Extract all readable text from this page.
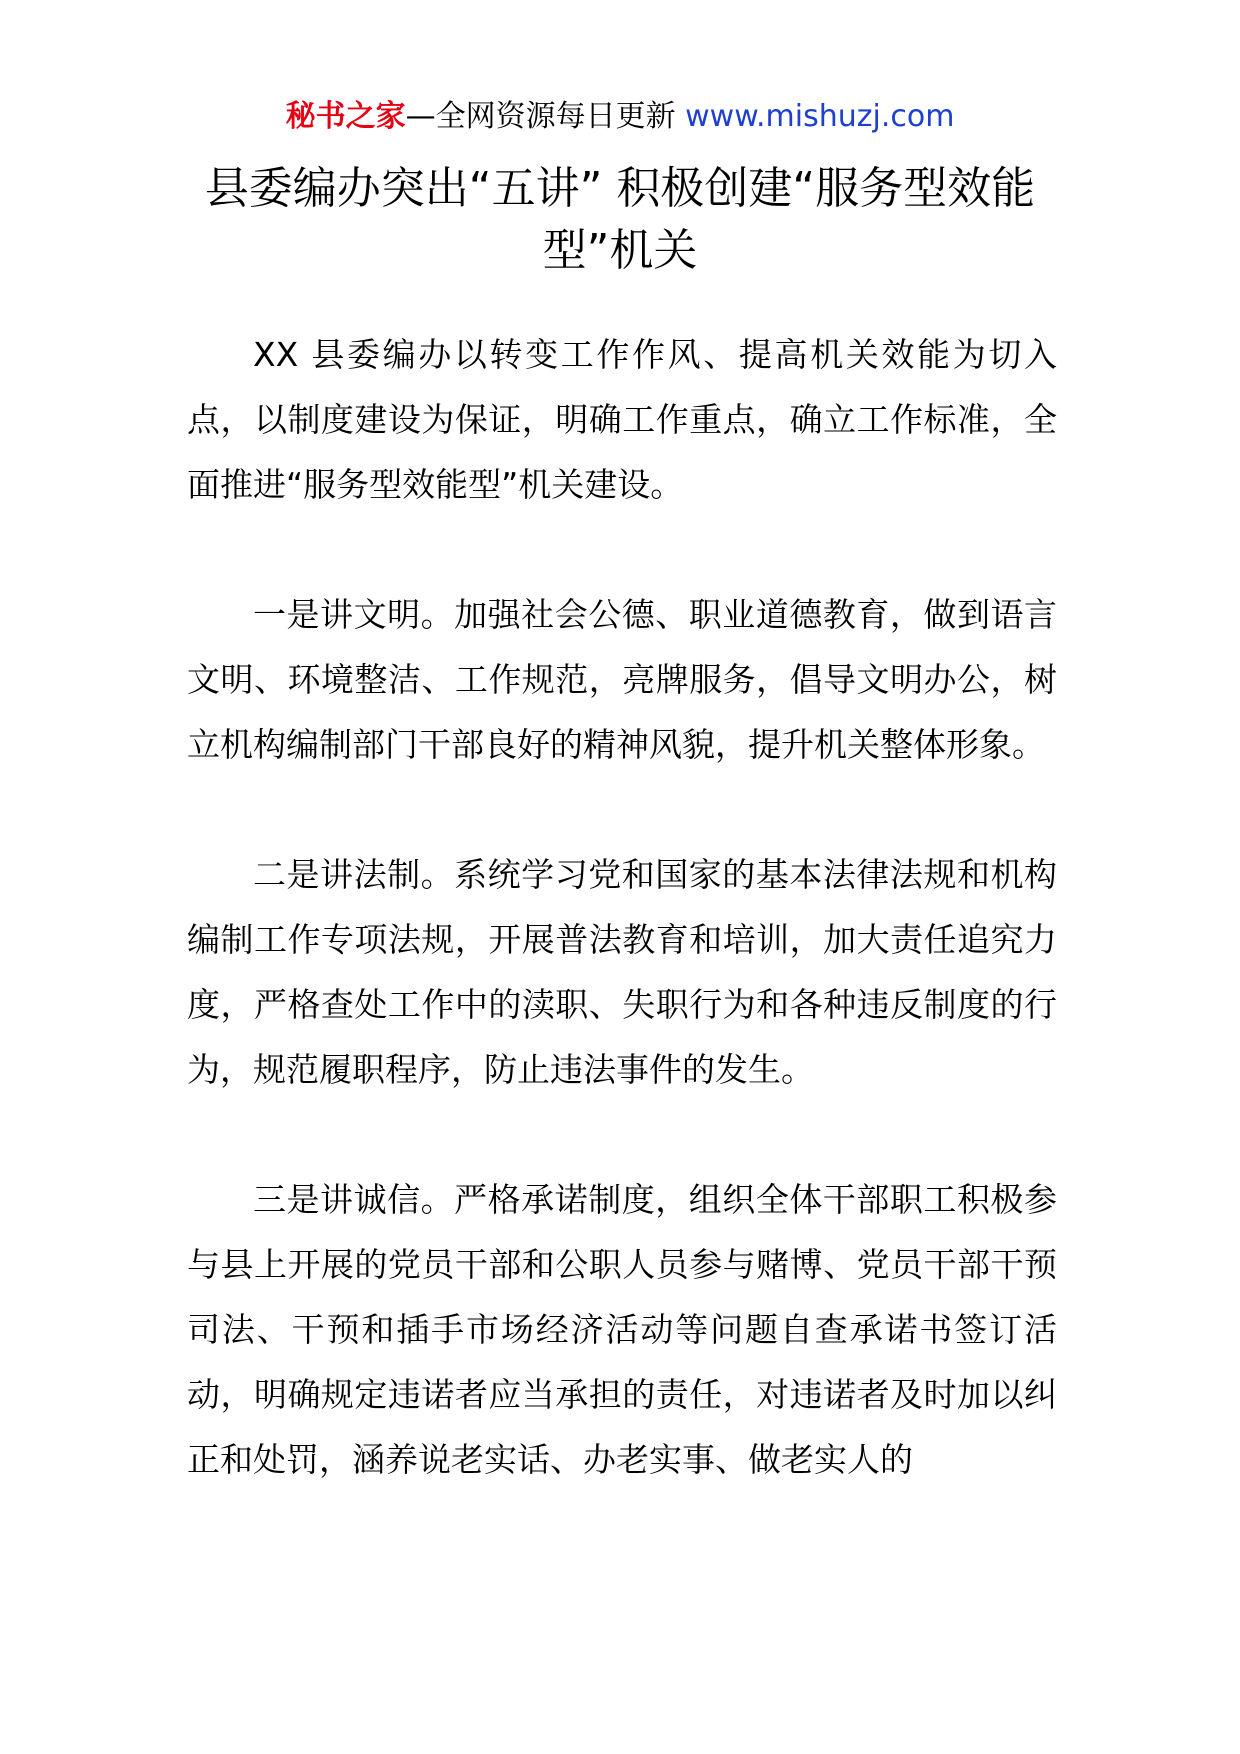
秘书之家—全网资源每日更新 www.mishuzj.com
县委编办突出“五讲” 积极创建“服务型效能型”机关

XX 县委编办以转变工作作风、提高机关效能为切入点，以制度建设为保证，明确工作重点，确立工作标准，全面推进“服务型效能型”机关建设。

一是讲文明。加强社会公德、职业道德教育，做到语言文明、环境整洁、工作规范，亮牌服务，倡导文明办公，树立机构编制部门干部良好的精神风貌，提升机关整体形象。

二是讲法制。系统学习党和国家的基本法律法规和机构编制工作专项法规，开展普法教育和培训，加大责任追究力度，严格查处工作中的渎职、失职行为和各种违反制度的行为，规范履职程序，防止违法事件的发生。

三是讲诚信。严格承诺制度，组织全体干部职工积极参与县上开展的党员干部和公职人员参与赌博、党员干部干预司法、干预和插手市场经济活动等问题自查承诺书签订活动，明确规定违诺者应当承担的责任，对违诺者及时加以纠正和处罚，涵养说老实话、办老实事、做老实人的
